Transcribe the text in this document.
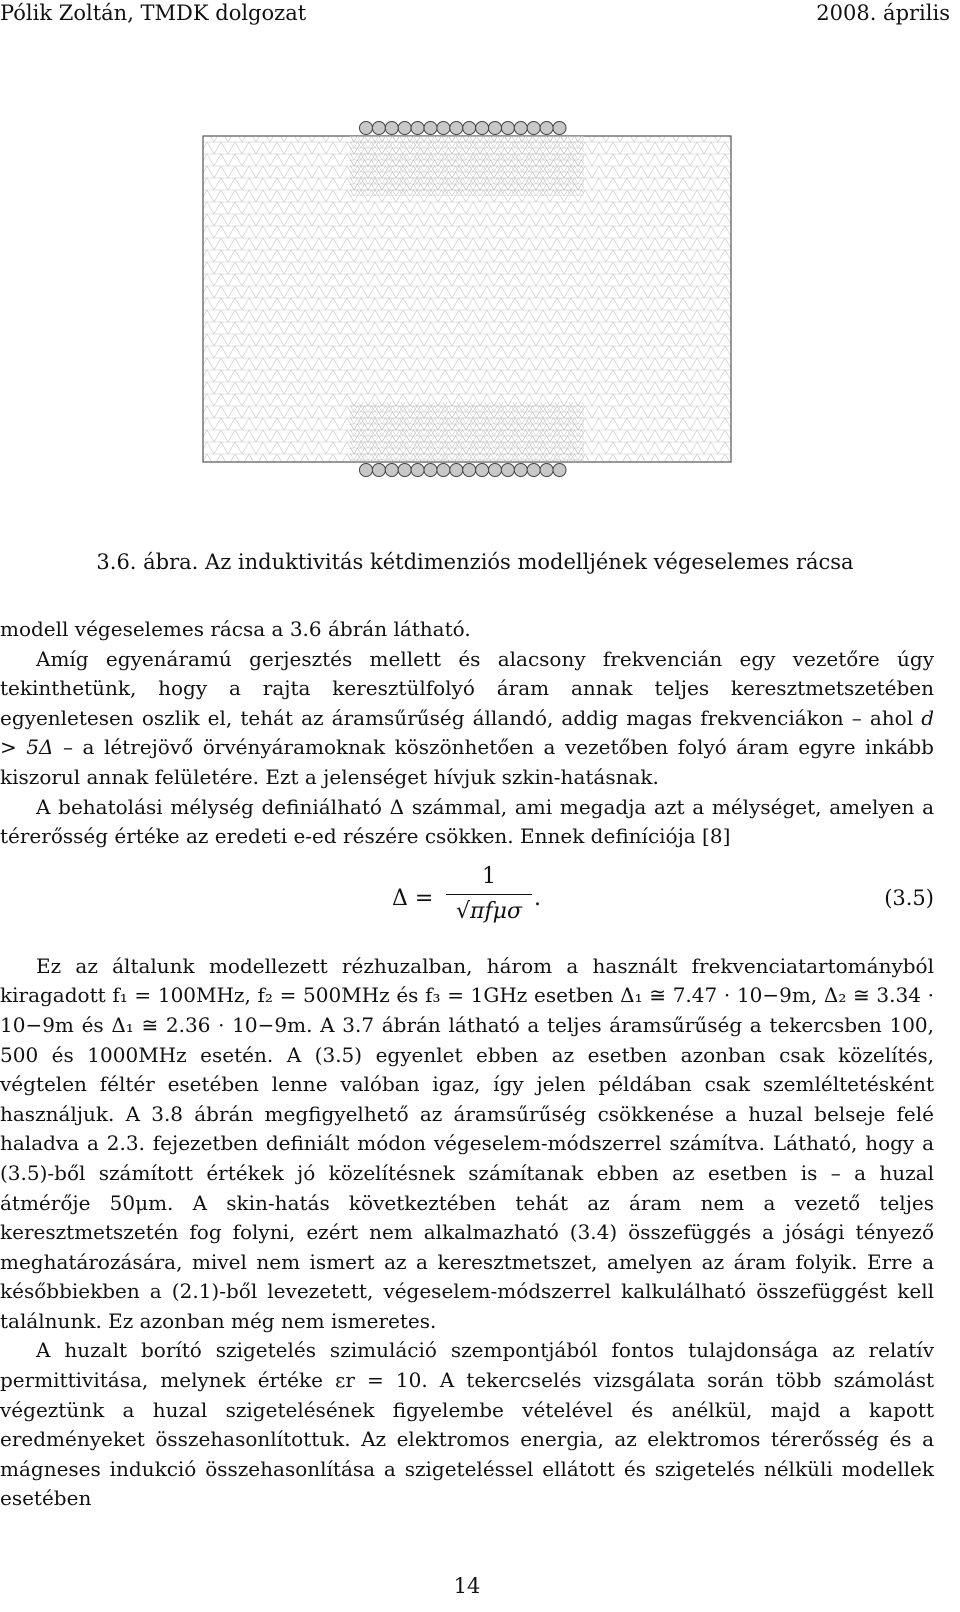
Pólik Zoltán, TMDK dolgozat	2008. április
3.6. ábra. Az induktivitás kétdimenziós modelljének végeselemes rácsa

modell végeselemes rácsa a 3.6 ábrán látható.

Amíg egyenáramú gerjesztés mellett és alacsony frekvencián egy vezetőre úgy tekinthetünk, hogy a rajta keresztülfolyó áram annak teljes keresztmetszetében egyenletesen oszlik el, tehát az áramsűrűség állandó, addig magas frekvenciákon – ahol d > 5Δ – a létrejövő örvényáramoknak köszönhetően a vezetőben folyó áram egyre inkább kiszorul annak felületére. Ezt a jelenséget hívjuk szkin-hatásnak.

A behatolási mélység definiálható Δ számmal, ami megadja azt a mélységet, amelyen a térerősség értéke az eredeti e-ed részére csökken. Ennek definíciója [8]

Δ =
1
√πfμσ
.	(3.5)

Ez az általunk modellezett rézhuzalban, három a használt frekvenciatartományból kiragadott f₁ = 100MHz, f₂ = 500MHz és f₃ = 1GHz esetben Δ₁ ≅ 7.47 · 10−9m, Δ₂ ≅ 3.34 · 10−9m és Δ₁ ≅ 2.36 · 10−9m. A 3.7 ábrán látható a teljes áramsűrűség a tekercsben 100, 500 és 1000MHz esetén. A (3.5) egyenlet ebben az esetben azonban csak közelítés, végtelen féltér esetében lenne valóban igaz, így jelen példában csak szemléltetésként használjuk. A 3.8 ábrán megfigyelhető az áramsűrűség csökkenése a huzal belseje felé haladva a 2.3. fejezetben definiált módon végeselem-módszerrel számítva. Látható, hogy a (3.5)-ből számított értékek jó közelítésnek számítanak ebben az esetben is – a huzal átmérője 50μm. A skin-hatás következtében tehát az áram nem a vezető teljes keresztmetszetén fog folyni, ezért nem alkalmazható (3.4) összefüggés a jósági tényező meghatározására, mivel nem ismert az a keresztmetszet, amelyen az áram folyik. Erre a későbbiekben a (2.1)-ből levezetett, végeselem-módszerrel kalkulálható összefüggést kell találnunk. Ez azonban még nem ismeretes.

A huzalt borító szigetelés szimuláció szempontjából fontos tulajdonsága az relatív permittivitása, melynek értéke εr = 10. A tekercselés vizsgálata során több számolást végeztünk a huzal szigetelésének figyelembe vételével és anélkül, majd a kapott eredményeket összehasonlítottuk. Az elektromos energia, az elektromos térerősség és a mágneses indukció összehasonlítása a szigeteléssel ellátott és szigetelés nélküli modellek esetében

14
